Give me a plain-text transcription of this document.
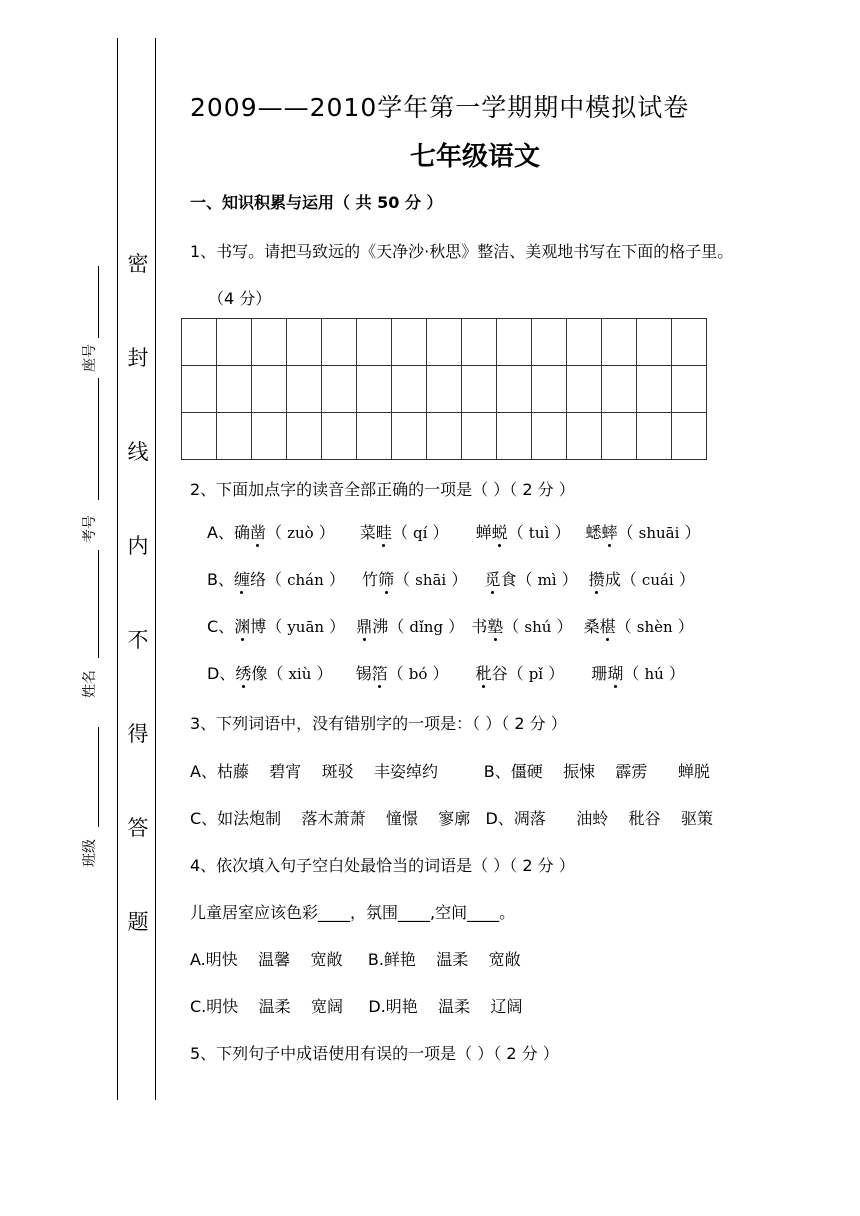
座号
考号
姓名
班级
密
封
线
内
不
得
答
题
2009——2010学年第一学期期中模拟试卷
七年级语文
一、知识积累与运用（ 共 50 分 ）
1、书写。请把马致远的《天净沙·秋思》整洁、美观地书写在下面的格子里。
（4 分）

2、下面加点字的读音全部正确的一项是（ ）（ 2 分 ）
A、确凿（ zuò ） 菜畦（ qí ） 蝉蜕（ tuì ） 蟋蟀（ shuāi ）
B、缠络（ chán ） 竹筛（ shāi ） 觅食（ mì ） 攒成（ cuái ）
C、渊博（ yuān ） 鼎沸（ dǐng ） 书塾（ shú ） 桑椹（ shèn ）
D、绣像（ xiù ） 锡箔（ bó ） 秕谷（ pǐ ） 珊瑚（ hú ）
3、下列词语中，没有错别字的一项是：（ ）（ 2 分 ）
A、枯藤    碧宵    斑驳    丰姿绰约         B、僵硬    振悚    霹雳      蝉脱
C、如法炮制    落木萧萧    憧憬    寥廓   D、凋落      油蛉    秕谷    驱策
4、依次填入句子空白处最恰当的词语是（ ）（ 2 分 ）
儿童居室应该色彩____，氛围____,空间____。
A.明快    温馨    宽敞     B.鲜艳    温柔    宽敞
C.明快    温柔    宽阔     D.明艳    温柔    辽阔
5、下列句子中成语使用有误的一项是（ ）（ 2 分 ）
